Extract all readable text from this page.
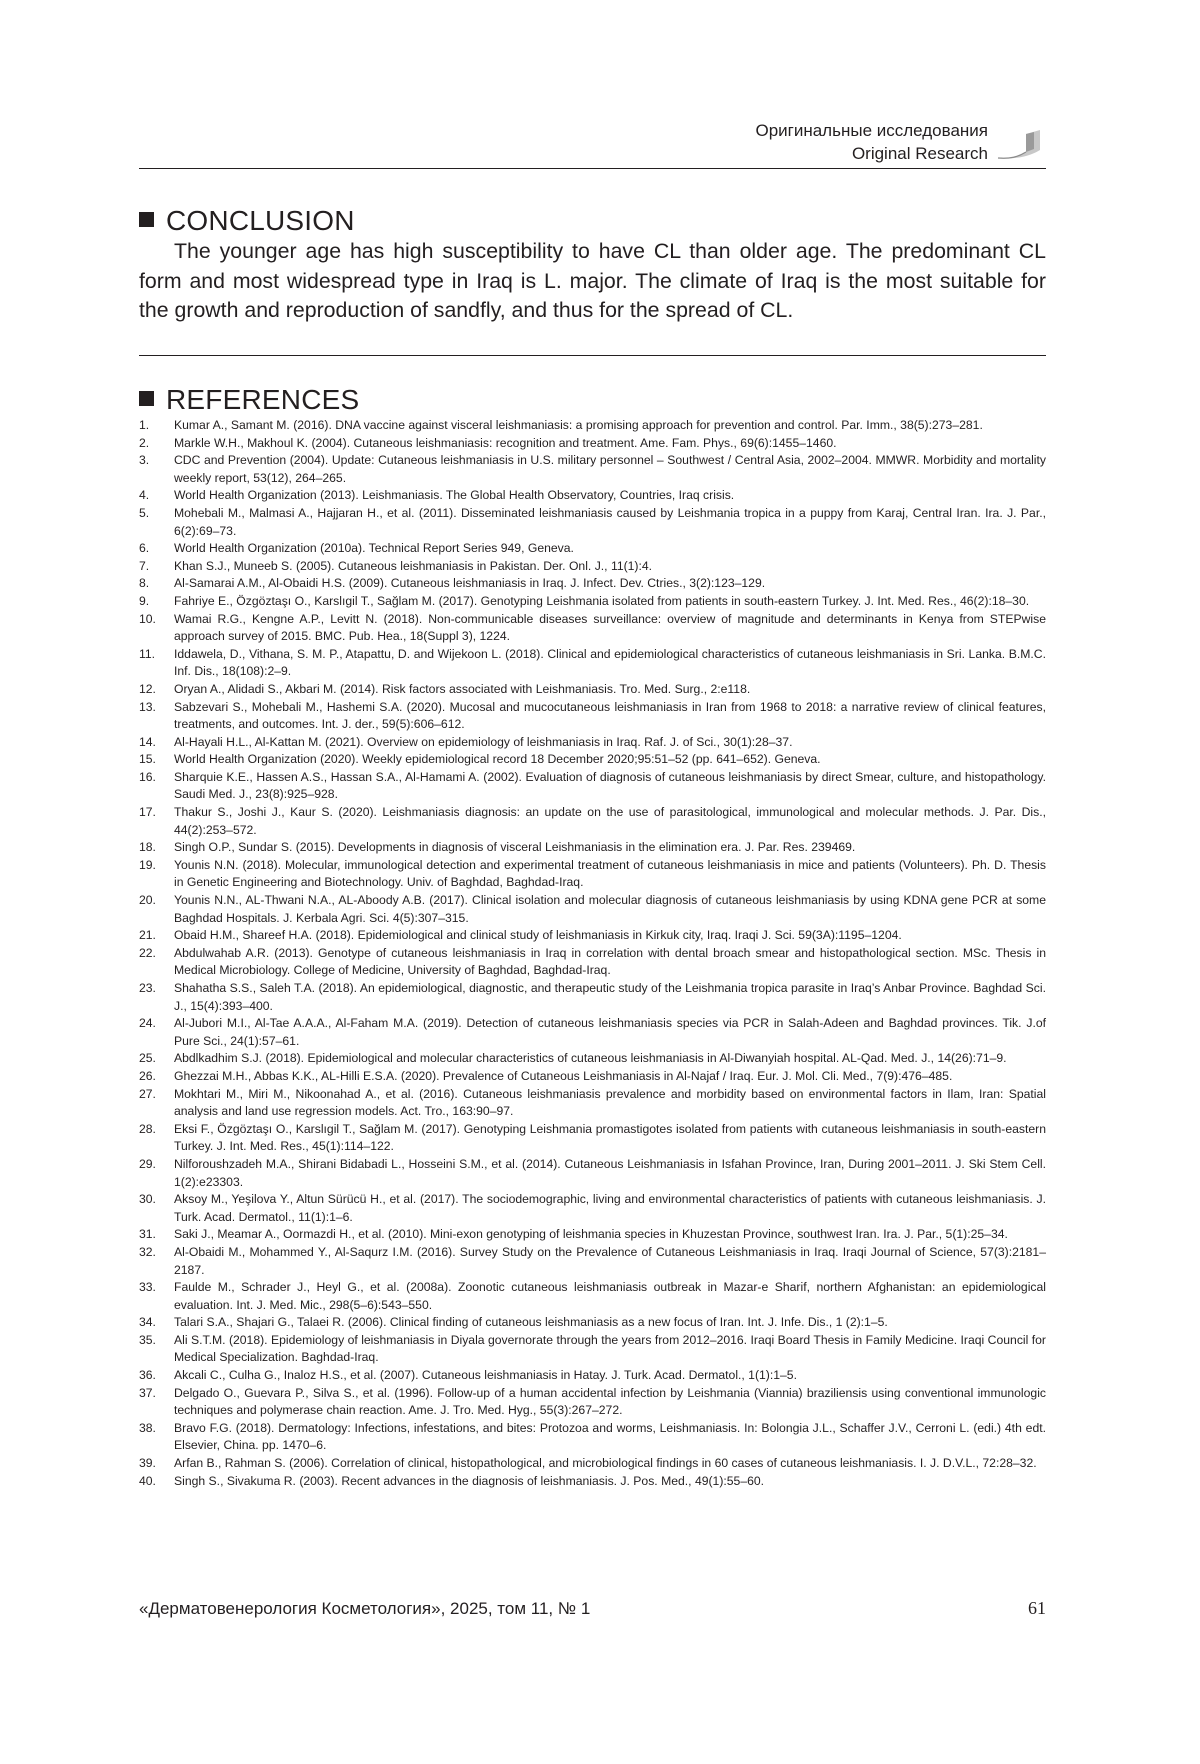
Оригинальные исследования
Original Research
CONCLUSION
The younger age has high susceptibility to have CL than older age. The predominant CL form and most widespread type in Iraq is L. major. The climate of Iraq is the most suitable for the growth and reproduction of sandfly, and thus for the spread of CL.
REFERENCES
1. Kumar A., Samant M. (2016). DNA vaccine against visceral leishmaniasis: a promising approach for prevention and control. Par. Imm., 38(5):273–281.
2. Markle W.H., Makhoul K. (2004). Cutaneous leishmaniasis: recognition and treatment. Ame. Fam. Phys., 69(6):1455–1460.
3. CDC and Prevention (2004). Update: Cutaneous leishmaniasis in U.S. military personnel – Southwest / Central Asia, 2002–2004. MMWR. Morbidity and mortality weekly report, 53(12), 264–265.
4. World Health Organization (2013). Leishmaniasis. The Global Health Observatory, Countries, Iraq crisis.
5. Mohebali M., Malmasi A., Hajjaran H., et al. (2011). Disseminated leishmaniasis caused by Leishmania tropica in a puppy from Karaj, Central Iran. Ira. J. Par., 6(2):69–73.
6. World Health Organization (2010a). Technical Report Series 949, Geneva.
7. Khan S.J., Muneeb S. (2005). Cutaneous leishmaniasis in Pakistan. Der. Onl. J., 11(1):4.
8. Al-Samarai A.M., Al-Obaidi H.S. (2009). Cutaneous leishmaniasis in Iraq. J. Infect. Dev. Ctries., 3(2):123–129.
9. Fahriye E., Özgöztaşı O., Karslıgil T., Sağlam M. (2017). Genotyping Leishmania isolated from patients in south-eastern Turkey. J. Int. Med. Res., 46(2):18–30.
10. Wamai R.G., Kengne A.P., Levitt N. (2018). Non-communicable diseases surveillance: overview of magnitude and determinants in Kenya from STEPwise approach survey of 2015. BMC. Pub. Hea., 18(Suppl 3), 1224.
11. Iddawela, D., Vithana, S. M. P., Atapattu, D. and Wijekoon L. (2018). Clinical and epidemiological characteristics of cutaneous leishmaniasis in Sri. Lanka. B.M.C. Inf. Dis., 18(108):2–9.
12. Oryan A., Alidadi S., Akbari M. (2014). Risk factors associated with Leishmaniasis. Tro. Med. Surg., 2:e118.
13. Sabzevari S., Mohebali M., Hashemi S.A. (2020). Mucosal and mucocutaneous leishmaniasis in Iran from 1968 to 2018: a narrative review of clinical features, treatments, and outcomes. Int. J. der., 59(5):606–612.
14. Al-Hayali H.L., Al-Kattan M. (2021). Overview on epidemiology of leishmaniasis in Iraq. Raf. J. of Sci., 30(1):28–37.
15. World Health Organization (2020). Weekly epidemiological record 18 December 2020;95:51–52 (pp. 641–652). Geneva.
16. Sharquie K.E., Hassen A.S., Hassan S.A., Al-Hamami A. (2002). Evaluation of diagnosis of cutaneous leishmaniasis by direct Smear, culture, and histopathology. Saudi Med. J., 23(8):925–928.
17. Thakur S., Joshi J., Kaur S. (2020). Leishmaniasis diagnosis: an update on the use of parasitological, immunological and molecular methods. J. Par. Dis., 44(2):253–572.
18. Singh O.P., Sundar S. (2015). Developments in diagnosis of visceral Leishmaniasis in the elimination era. J. Par. Res. 239469.
19. Younis N.N. (2018). Molecular, immunological detection and experimental treatment of cutaneous leishmaniasis in mice and patients (Volunteers). Ph. D. Thesis in Genetic Engineering and Biotechnology. Univ. of Baghdad, Baghdad-Iraq.
20. Younis N.N., AL-Thwani N.A., AL-Aboody A.B. (2017). Clinical isolation and molecular diagnosis of cutaneous leishmaniasis by using KDNA gene PCR at some Baghdad Hospitals. J. Kerbala Agri. Sci. 4(5):307–315.
21. Obaid H.M., Shareef H.A. (2018). Epidemiological and clinical study of leishmaniasis in Kirkuk city, Iraq. Iraqi J. Sci. 59(3A):1195–1204.
22. Abdulwahab A.R. (2013). Genotype of cutaneous leishmaniasis in Iraq in correlation with dental broach smear and histopathological section. MSc. Thesis in Medical Microbiology. College of Medicine, University of Baghdad, Baghdad-Iraq.
23. Shahatha S.S., Saleh T.A. (2018). An epidemiological, diagnostic, and therapeutic study of the Leishmania tropica parasite in Iraq’s Anbar Province. Baghdad Sci. J., 15(4):393–400.
24. Al-Jubori M.I., Al-Tae A.A.A., Al-Faham M.A. (2019). Detection of cutaneous leishmaniasis species via PCR in Salah-Adeen and Baghdad provinces. Tik. J.of Pure Sci., 24(1):57–61.
25. Abdlkadhim S.J. (2018). Epidemiological and molecular characteristics of cutaneous leishmaniasis in Al-Diwanyiah hospital. AL-Qad. Med. J., 14(26):71–9.
26. Ghezzai M.H., Abbas K.K., AL-Hilli E.S.A. (2020). Prevalence of Cutaneous Leishmaniasis in Al-Najaf / Iraq. Eur. J. Mol. Cli. Med., 7(9):476–485.
27. Mokhtari M., Miri M., Nikoonahad A., et al. (2016). Cutaneous leishmaniasis prevalence and morbidity based on environmental factors in Ilam, Iran: Spatial analysis and land use regression models. Act. Tro., 163:90–97.
28. Eksi F., Özgöztaşı O., Karslıgil T., Sağlam M. (2017). Genotyping Leishmania promastigotes isolated from patients with cutaneous leishmaniasis in south-eastern Turkey. J. Int. Med. Res., 45(1):114–122.
29. Nilforoushzadeh M.A., Shirani Bidabadi L., Hosseini S.M., et al. (2014). Cutaneous Leishmaniasis in Isfahan Province, Iran, During 2001–2011. J. Ski Stem Cell. 1(2):e23303.
30. Aksoy M., Yeşilova Y., Altun Sürücü H., et al. (2017). The sociodemographic, living and environmental characteristics of patients with cutaneous leishmaniasis. J. Turk. Acad. Dermatol., 11(1):1–6.
31. Saki J., Meamar A., Oormazdi H., et al. (2010). Mini-exon genotyping of leishmania species in Khuzestan Province, southwest Iran. Ira. J. Par., 5(1):25–34.
32. Al-Obaidi M., Mohammed Y., Al-Saqurz I.M. (2016). Survey Study on the Prevalence of Cutaneous Leishmaniasis in Iraq. Iraqi Journal of Science, 57(3):2181–2187.
33. Faulde M., Schrader J., Heyl G., et al. (2008a). Zoonotic cutaneous leishmaniasis outbreak in Mazar-e Sharif, northern Afghanistan: an epidemiological evaluation. Int. J. Med. Mic., 298(5–6):543–550.
34. Talari S.A., Shajari G., Talaei R. (2006). Clinical finding of cutaneous leishmaniasis as a new focus of Iran. Int. J. Infe. Dis., 1 (2):1–5.
35. Ali S.T.M. (2018). Epidemiology of leishmaniasis in Diyala governorate through the years from 2012–2016. Iraqi Board Thesis in Family Medicine. Iraqi Council for Medical Specialization. Baghdad-Iraq.
36. Akcali C., Culha G., Inaloz H.S., et al. (2007). Cutaneous leishmaniasis in Hatay. J. Turk. Acad. Dermatol., 1(1):1–5.
37. Delgado O., Guevara P., Silva S., et al. (1996). Follow-up of a human accidental infection by Leishmania (Viannia) braziliensis using conventional immunologic techniques and polymerase chain reaction. Ame. J. Tro. Med. Hyg., 55(3):267–272.
38. Bravo F.G. (2018). Dermatology: Infections, infestations, and bites: Protozoa and worms, Leishmaniasis. In: Bolongia J.L., Schaffer J.V., Cerroni L. (edi.) 4th edt. Elsevier, China. pp. 1470–6.
39. Arfan B., Rahman S. (2006). Correlation of clinical, histopathological, and microbiological findings in 60 cases of cutaneous leishmaniasis. I. J. D.V.L., 72:28–32.
40. Singh S., Sivakuma R. (2003). Recent advances in the diagnosis of leishmaniasis. J. Pos. Med., 49(1):55–60.
«Дерматовенерология Косметология», 2025, том 11, № 1	61
